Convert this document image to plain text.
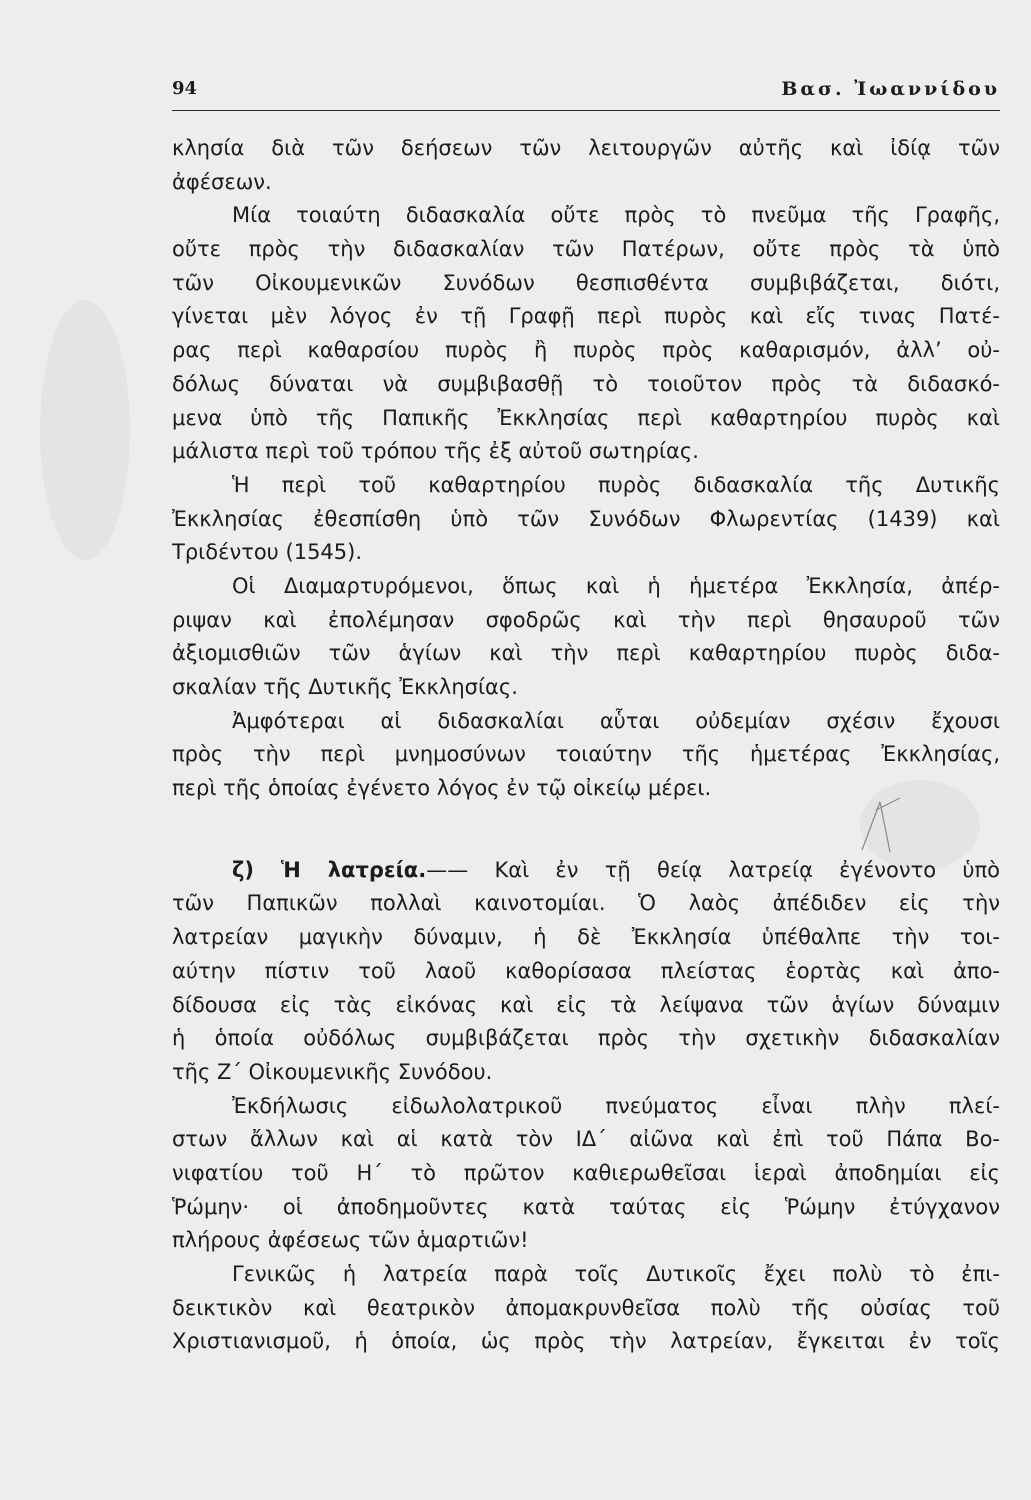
94	Βασ. Ἰωαννίδου
κλησία διὰ τῶν δεήσεων τῶν λειτουργῶν αὐτῆς καὶ ἰδίᾳ τῶν
ἀφέσεων.
Μία τοιαύτη διδασκαλία οὔτε πρὸς τὸ πνεῦμα τῆς Γραφῆς,
οὔτε πρὸς τὴν διδασκαλίαν τῶν Πατέρων, οὔτε πρὸς τὰ ὑπὸ
τῶν Οἰκουμενικῶν Συνόδων θεσπισθέντα συμβιβάζεται, διότι,
γίνεται μὲν λόγος ἐν τῇ Γραφῇ περὶ πυρὸς καὶ εἴς τινας Πατέ-
ρας περὶ καθαρσίου πυρὸς ἢ πυρὸς πρὸς καθαρισμόν, ἀλλ’ οὐ-
δόλως δύναται νὰ συμβιβασθῇ τὸ τοιοῦτον πρὸς τὰ διδασκό-
μενα ὑπὸ τῆς Παπικῆς Ἐκκλησίας περὶ καθαρτηρίου πυρὸς καὶ
μάλιστα περὶ τοῦ τρόπου τῆς ἐξ αὐτοῦ σωτηρίας.
Ἡ περὶ τοῦ καθαρτηρίου πυρὸς διδασκαλία τῆς Δυτικῆς
Ἐκκλησίας ἐθεσπίσθη ὑπὸ τῶν Συνόδων Φλωρεντίας (1439) καὶ
Τριδέντου (1545).
Οἱ Διαμαρτυρόμενοι, ὅπως καὶ ἡ ἡμετέρα Ἐκκλησία, ἀπέρ-
ριψαν καὶ ἐπολέμησαν σφοδρῶς καὶ τὴν περὶ θησαυροῦ τῶν
ἀξιομισθιῶν τῶν ἁγίων καὶ τὴν περὶ καθαρτηρίου πυρὸς διδα-
σκαλίαν τῆς Δυτικῆς Ἐκκλησίας.
Ἀμφότεραι αἱ διδασκαλίαι αὗται οὐδεμίαν σχέσιν ἔχουσι
πρὸς τὴν περὶ μνημοσύνων τοιαύτην τῆς ἡμετέρας Ἐκκλησίας,
περὶ τῆς ὁποίας ἐγένετο λόγος ἐν τῷ οἰκείῳ μέρει.
ζ) Ἡ λατρεία.—— Καὶ ἐν τῇ θείᾳ λατρείᾳ ἐγένοντο ὑπὸ
τῶν Παπικῶν πολλαὶ καινοτομίαι. Ὁ λαὸς ἀπέδιδεν εἰς τὴν
λατρείαν μαγικὴν δύναμιν, ἡ δὲ Ἐκκλησία ὑπέθαλπε τὴν τοι-
αύτην πίστιν τοῦ λαοῦ καθορίσασα πλείστας ἑορτὰς καὶ ἀπο-
δίδουσα εἰς τὰς εἰκόνας καὶ εἰς τὰ λείψανα τῶν ἁγίων δύναμιν
ἡ ὁποία οὐδόλως συμβιβάζεται πρὸς τὴν σχετικὴν διδασκαλίαν
τῆς Ζ΄ Οἰκουμενικῆς Συνόδου.
Ἐκδήλωσις εἰδωλολατρικοῦ πνεύματος εἶναι πλὴν πλεί-
στων ἄλλων καὶ αἱ κατὰ τὸν ΙΔ΄ αἰῶνα καὶ ἐπὶ τοῦ Πάπα Βο-
νιφατίου τοῦ Η΄ τὸ πρῶτον καθιερωθεῖσαι ἱεραὶ ἀποδημίαι εἰς
Ῥώμην· οἱ ἀποδημοῦντες κατὰ ταύτας εἰς Ῥώμην ἐτύγχανον
πλήρους ἀφέσεως τῶν ἁμαρτιῶν!
Γενικῶς ἡ λατρεία παρὰ τοῖς Δυτικοῖς ἔχει πολὺ τὸ ἐπι-
δεικτικὸν καὶ θεατρικὸν ἀπομακρυνθεῖσα πολὺ τῆς οὐσίας τοῦ
Χριστιανισμοῦ, ἡ ὁποία, ὡς πρὸς τὴν λατρείαν, ἔγκειται ἐν τοῖς
